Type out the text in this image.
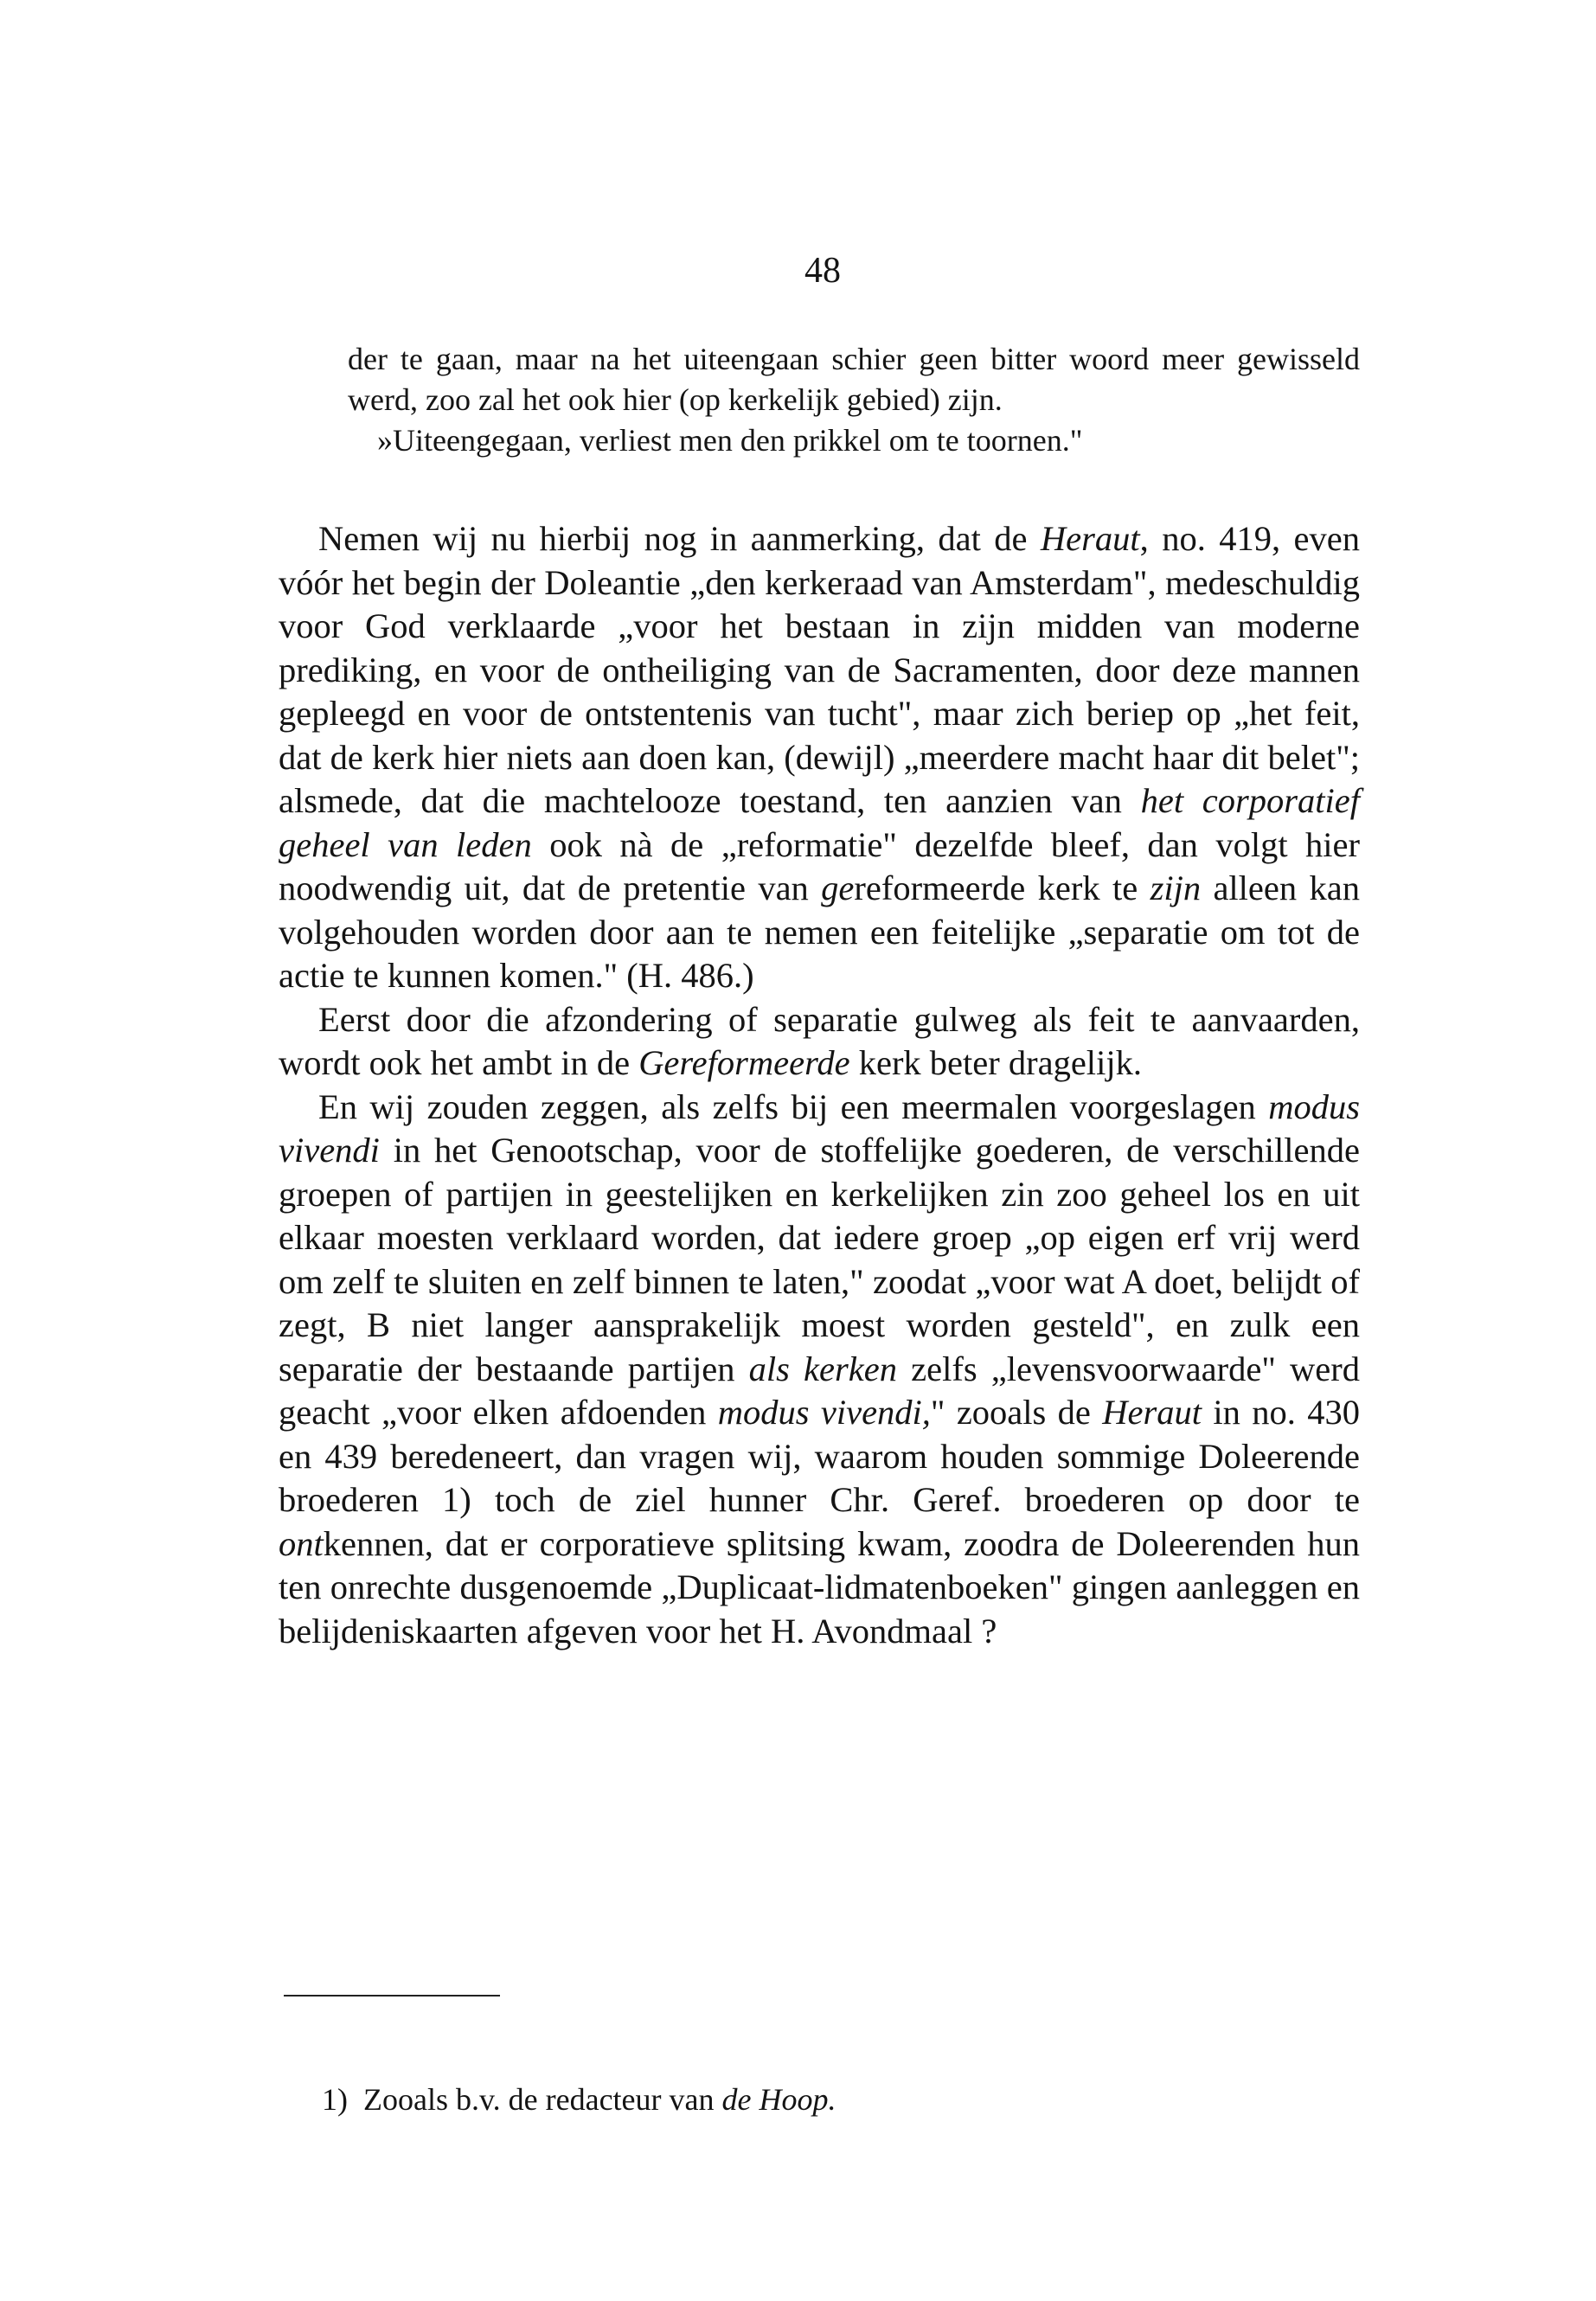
48

der te gaan, maar na het uiteengaan schier geen bitter woord meer gewisseld werd, zoo zal het ook hier (op kerkelijk gebied) zijn.

»Uiteengegaan, verliest men den prikkel om te toornen."

Nemen wij nu hierbij nog in aanmerking, dat de Heraut, no. 419, even vóór het begin der Doleantie „den kerkeraad van Amsterdam", medeschuldig voor God verklaarde „voor het bestaan in zijn midden van moderne prediking, en voor de ontheiliging van de Sacramenten, door deze mannen gepleegd en voor de ontstentenis van tucht", maar zich beriep op „het feit, dat de kerk hier niets aan doen kan, (dewijl) „meerdere macht haar dit belet"; alsmede, dat die machtelooze toestand, ten aanzien van het corporatief geheel van leden ook nà de „reformatie" dezelfde bleef, dan volgt hier noodwendig uit, dat de pretentie van gereformeerde kerk te zijn alleen kan volgehouden worden door aan te nemen een feitelijke „separatie om tot de actie te kunnen komen." (H. 486.)

Eerst door die afzondering of separatie gulweg als feit te aanvaarden, wordt ook het ambt in de Gereformeerde kerk beter dragelijk.

En wij zouden zeggen, als zelfs bij een meermalen voorgeslagen modus vivendi in het Genootschap, voor de stoffelijke goederen, de verschillende groepen of partijen in geestelijken en kerkelijken zin zoo geheel los en uit elkaar moesten verklaard worden, dat iedere groep „op eigen erf vrij werd om zelf te sluiten en zelf binnen te laten," zoodat „voor wat A doet, belijdt of zegt, B niet langer aansprakelijk moest worden gesteld", en zulk een separatie der bestaande partijen als kerken zelfs „levensvoorwaarde" werd geacht „voor elken afdoenden modus vivendi," zooals de Heraut in no. 430 en 439 beredeneert, dan vragen wij, waarom houden sommige Doleerende broederen 1) toch de ziel hunner Chr. Geref. broederen op door te ontkennen, dat er corporatieve splitsing kwam, zoodra de Doleerenden hun ten onrechte dusgenoemde „Duplicaat-lidmatenboeken" gingen aanleggen en belijdeniskaarten afgeven voor het H. Avondmaal ?

1) Zooals b.v. de redacteur van de Hoop.
